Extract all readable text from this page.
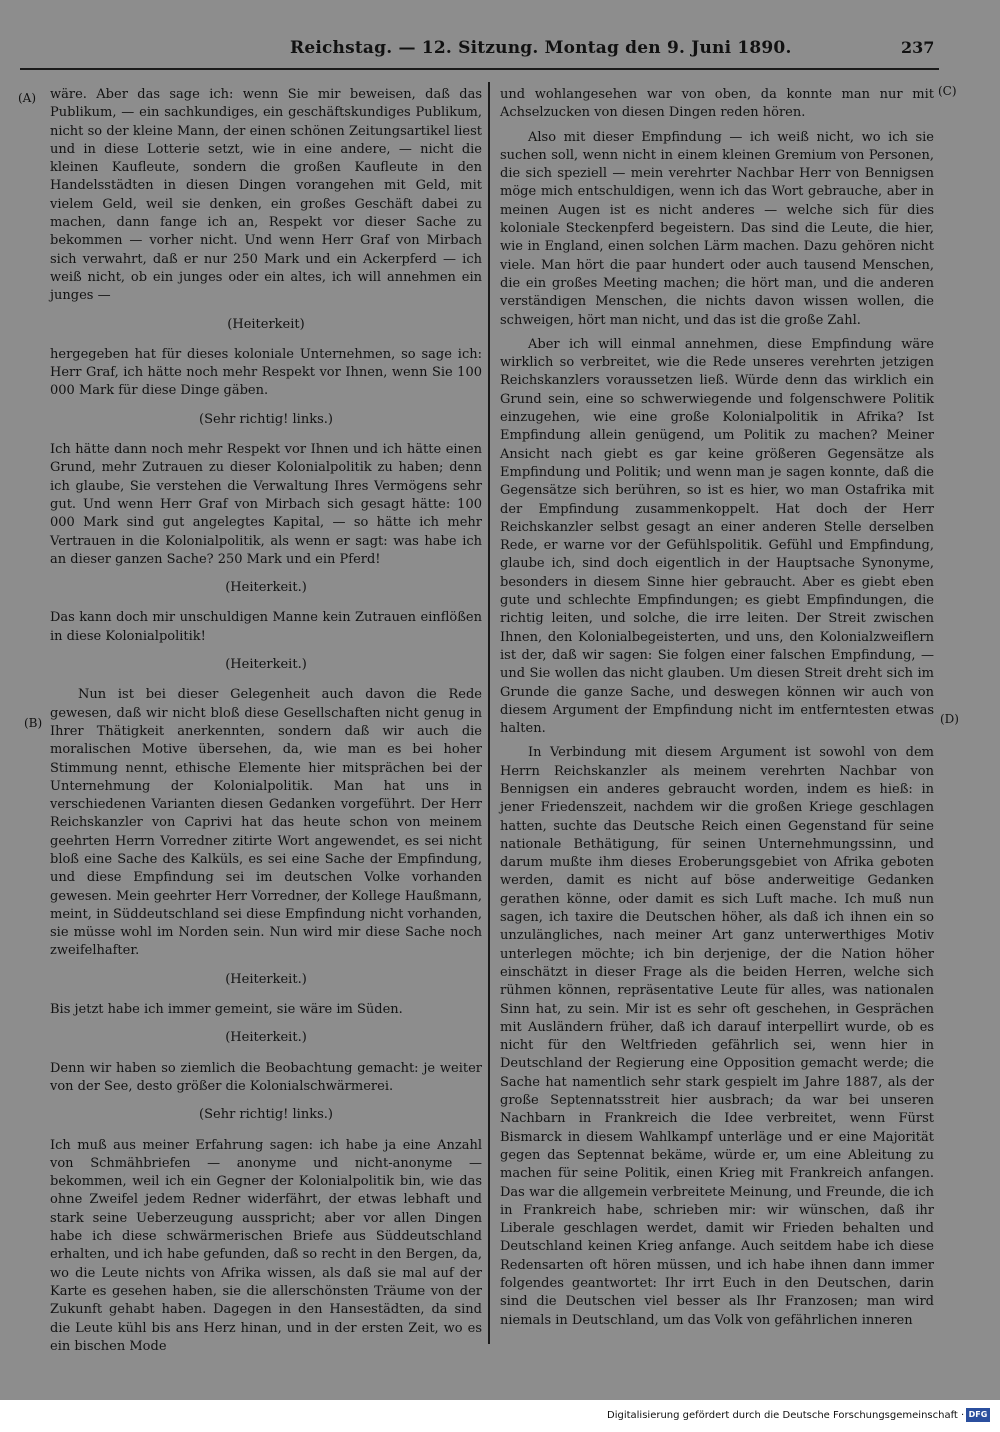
Reichstag. — 12. Sitzung. Montag den 9. Juni 1890.	237
(A)
(B)
(C)
(D)

wäre. Aber das sage ich: wenn Sie mir beweisen, daß das Publikum, — ein sachkundiges, ein geschäftskundiges Publikum, nicht so der kleine Mann, der einen schönen Zeitungsartikel liest und in diese Lotterie setzt, wie in eine andere, — nicht die kleinen Kaufleute, sondern die großen Kaufleute in den Handelsstädten in diesen Dingen vorangehen mit Geld, mit vielem Geld, weil sie denken, ein großes Geschäft dabei zu machen, dann fange ich an, Respekt vor dieser Sache zu bekommen — vorher nicht. Und wenn Herr Graf von Mirbach sich verwahrt, daß er nur 250 Mark und ein Ackerpferd — ich weiß nicht, ob ein junges oder ein altes, ich will annehmen ein junges —

(Heiterkeit)

hergegeben hat für dieses koloniale Unternehmen, so sage ich: Herr Graf, ich hätte noch mehr Respekt vor Ihnen, wenn Sie 100 000 Mark für diese Dinge gäben.

(Sehr richtig! links.)

Ich hätte dann noch mehr Respekt vor Ihnen und ich hätte einen Grund, mehr Zutrauen zu dieser Kolonialpolitik zu haben; denn ich glaube, Sie verstehen die Verwaltung Ihres Vermögens sehr gut. Und wenn Herr Graf von Mirbach sich gesagt hätte: 100 000 Mark sind gut angelegtes Kapital, — so hätte ich mehr Vertrauen in die Kolonialpolitik, als wenn er sagt: was habe ich an dieser ganzen Sache? 250 Mark und ein Pferd!

(Heiterkeit.)

Das kann doch mir unschuldigen Manne kein Zutrauen einflößen in diese Kolonialpolitik!

(Heiterkeit.)

Nun ist bei dieser Gelegenheit auch davon die Rede gewesen, daß wir nicht bloß diese Gesellschaften nicht genug in Ihrer Thätigkeit anerkennten, sondern daß wir auch die moralischen Motive übersehen, da, wie man es bei hoher Stimmung nennt, ethische Elemente hier mitsprächen bei der Unternehmung der Kolonialpolitik. Man hat uns in verschiedenen Varianten diesen Gedanken vorgeführt. Der Herr Reichskanzler von Caprivi hat das heute schon von meinem geehrten Herrn Vorredner zitirte Wort angewendet, es sei nicht bloß eine Sache des Kalküls, es sei eine Sache der Empfindung, und diese Empfindung sei im deutschen Volke vorhanden gewesen. Mein geehrter Herr Vorredner, der Kollege Haußmann, meint, in Süddeutschland sei diese Empfindung nicht vorhanden, sie müsse wohl im Norden sein. Nun wird mir diese Sache noch zweifelhafter.

(Heiterkeit.)

Bis jetzt habe ich immer gemeint, sie wäre im Süden.

(Heiterkeit.)

Denn wir haben so ziemlich die Beobachtung gemacht: je weiter von der See, desto größer die Kolonialschwärmerei.

(Sehr richtig! links.)

Ich muß aus meiner Erfahrung sagen: ich habe ja eine Anzahl von Schmähbriefen — anonyme und nicht-anonyme — bekommen, weil ich ein Gegner der Kolonialpolitik bin, wie das ohne Zweifel jedem Redner widerfährt, der etwas lebhaft und stark seine Ueberzeugung ausspricht; aber vor allen Dingen habe ich diese schwärmerischen Briefe aus Süddeutschland erhalten, und ich habe gefunden, daß so recht in den Bergen, da, wo die Leute nichts von Afrika wissen, als daß sie mal auf der Karte es gesehen haben, sie die allerschönsten Träume von der Zukunft gehabt haben. Dagegen in den Hansestädten, da sind die Leute kühl bis ans Herz hinan, und in der ersten Zeit, wo es ein bischen Mode

und wohlangesehen war von oben, da konnte man nur mit Achselzucken von diesen Dingen reden hören.

Also mit dieser Empfindung — ich weiß nicht, wo ich sie suchen soll, wenn nicht in einem kleinen Gremium von Personen, die sich speziell — mein verehrter Nachbar Herr von Bennigsen möge mich entschuldigen, wenn ich das Wort gebrauche, aber in meinen Augen ist es nicht anderes — welche sich für dies koloniale Steckenpferd begeistern. Das sind die Leute, die hier, wie in England, einen solchen Lärm machen. Dazu gehören nicht viele. Man hört die paar hundert oder auch tausend Menschen, die ein großes Meeting machen; die hört man, und die anderen verständigen Menschen, die nichts davon wissen wollen, die schweigen, hört man nicht, und das ist die große Zahl.

Aber ich will einmal annehmen, diese Empfindung wäre wirklich so verbreitet, wie die Rede unseres verehrten jetzigen Reichskanzlers voraussetzen ließ. Würde denn das wirklich ein Grund sein, eine so schwerwiegende und folgenschwere Politik einzugehen, wie eine große Kolonialpolitik in Afrika? Ist Empfindung allein genügend, um Politik zu machen? Meiner Ansicht nach giebt es gar keine größeren Gegensätze als Empfindung und Politik; und wenn man je sagen konnte, daß die Gegensätze sich berühren, so ist es hier, wo man Ostafrika mit der Empfindung zusammenkoppelt. Hat doch der Herr Reichskanzler selbst gesagt an einer anderen Stelle derselben Rede, er warne vor der Gefühlspolitik. Gefühl und Empfindung, glaube ich, sind doch eigentlich in der Hauptsache Synonyme, besonders in diesem Sinne hier gebraucht. Aber es giebt eben gute und schlechte Empfindungen; es giebt Empfindungen, die richtig leiten, und solche, die irre leiten. Der Streit zwischen Ihnen, den Kolonialbegeisterten, und uns, den Kolonialzweiflern ist der, daß wir sagen: Sie folgen einer falschen Empfindung, — und Sie wollen das nicht glauben. Um diesen Streit dreht sich im Grunde die ganze Sache, und deswegen können wir auch von diesem Argument der Empfindung nicht im entferntesten etwas halten.

In Verbindung mit diesem Argument ist sowohl von dem Herrn Reichskanzler als meinem verehrten Nachbar von Bennigsen ein anderes gebraucht worden, indem es hieß: in jener Friedenszeit, nachdem wir die großen Kriege geschlagen hatten, suchte das Deutsche Reich einen Gegenstand für seine nationale Bethätigung, für seinen Unternehmungssinn, und darum mußte ihm dieses Eroberungsgebiet von Afrika geboten werden, damit es nicht auf böse anderweitige Gedanken gerathen könne, oder damit es sich Luft mache. Ich muß nun sagen, ich taxire die Deutschen höher, als daß ich ihnen ein so unzulängliches, nach meiner Art ganz unterwerthiges Motiv unterlegen möchte; ich bin derjenige, der die Nation höher einschätzt in dieser Frage als die beiden Herren, welche sich rühmen können, repräsentative Leute für alles, was nationalen Sinn hat, zu sein. Mir ist es sehr oft geschehen, in Gesprächen mit Ausländern früher, daß ich darauf interpellirt wurde, ob es nicht für den Weltfrieden gefährlich sei, wenn hier in Deutschland der Regierung eine Opposition gemacht werde; die Sache hat namentlich sehr stark gespielt im Jahre 1887, als der große Septennatsstreit hier ausbrach; da war bei unseren Nachbarn in Frankreich die Idee verbreitet, wenn Fürst Bismarck in diesem Wahlkampf unterläge und er eine Majorität gegen das Septennat bekäme, würde er, um eine Ableitung zu machen für seine Politik, einen Krieg mit Frankreich anfangen. Das war die allgemein verbreitete Meinung, und Freunde, die ich in Frankreich habe, schrieben mir: wir wünschen, daß ihr Liberale geschlagen werdet, damit wir Frieden behalten und Deutschland keinen Krieg anfange. Auch seitdem habe ich diese Redensarten oft hören müssen, und ich habe ihnen dann immer folgendes geantwortet: Ihr irrt Euch in den Deutschen, darin sind die Deutschen viel besser als Ihr Franzosen; man wird niemals in Deutschland, um das Volk von gefährlichen inneren

Digitalisierung gefördert durch die Deutsche Forschungsgemeinschaft · DFG
